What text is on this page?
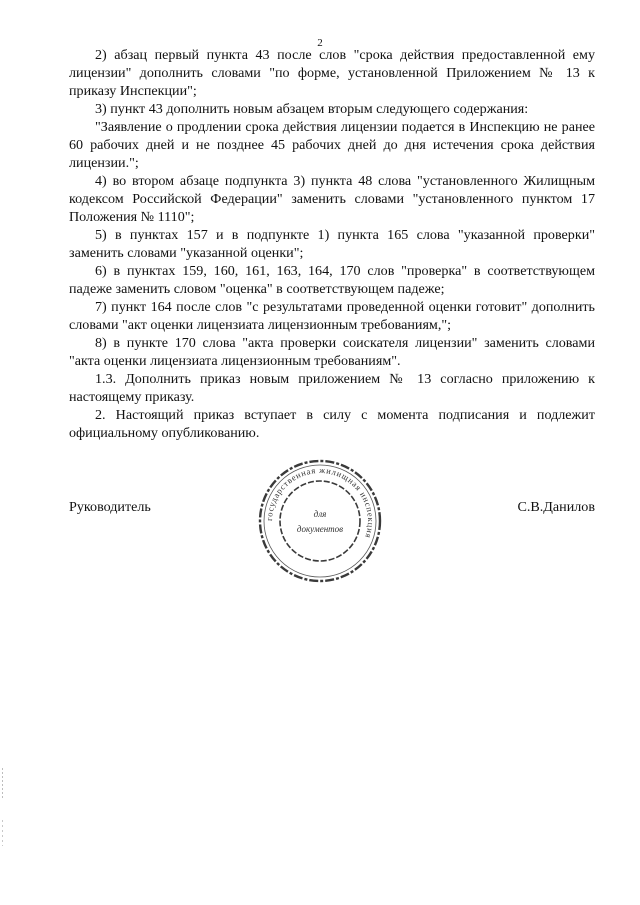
2

2) абзац первый пункта 43 после слов "срока действия предоставленной ему лицензии" дополнить словами "по форме, установленной Приложением № 13 к приказу Инспекции";

3) пункт 43 дополнить новым абзацем вторым следующего содержания:

"Заявление о продлении срока действия лицензии подается в Инспекцию не ранее 60 рабочих дней и не позднее 45 рабочих дней до дня истечения срока действия лицензии.";

4) во втором абзаце подпункта 3) пункта 48 слова "установленного Жилищным кодексом Российской Федерации" заменить словами "установленного пунктом 17 Положения № 1110";

5) в пунктах 157 и в подпункте 1) пункта 165 слова "указанной проверки" заменить словами "указанной оценки";

6) в пунктах 159, 160, 161, 163, 164, 170 слов "проверка" в соответствующем падеже заменить словом "оценка" в соответствующем падеже;

7) пункт 164 после слов "с результатами проведенной оценки готовит" дополнить словами "акт оценки лицензиата лицензионным требованиям,";

8) в пункте 170 слова "акта проверки соискателя лицензии" заменить словами "акта оценки лицензиата лицензионным требованиям".

1.3. Дополнить приказ новым приложением № 13 согласно приложению к настоящему приказу.

2. Настоящий приказ вступает в силу с момента подписания и подлежит официальному опубликованию.

Руководитель	С.В.Данилов
государственная жилищная инспекция
для
документов
